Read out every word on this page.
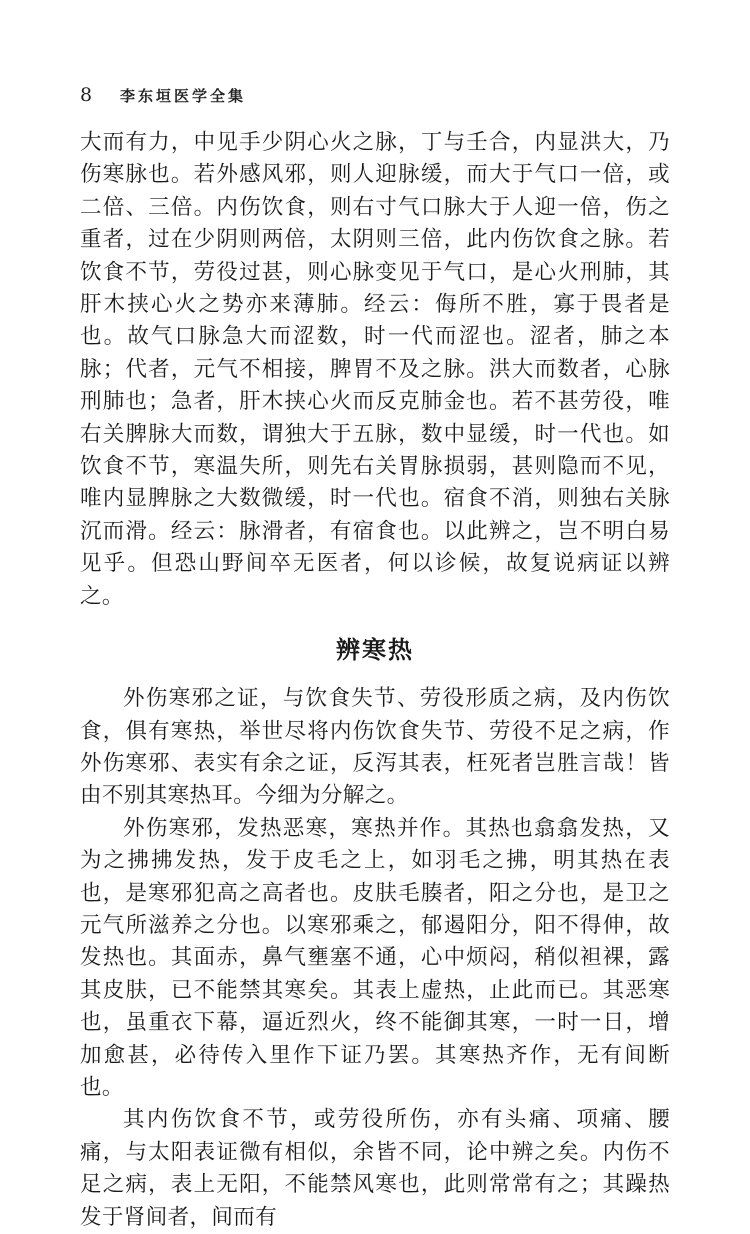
8	李东垣医学全集

大而有力，中见手少阴心火之脉，丁与壬合，内显洪大，乃伤寒脉也。若外感风邪，则人迎脉缓，而大于气口一倍，或二倍、三倍。内伤饮食，则右寸气口脉大于人迎一倍，伤之重者，过在少阴则两倍，太阴则三倍，此内伤饮食之脉。若饮食不节，劳役过甚，则心脉变见于气口，是心火刑肺，其肝木挟心火之势亦来薄肺。经云：侮所不胜，寡于畏者是也。故气口脉急大而涩数，时一代而涩也。涩者，肺之本脉；代者，元气不相接，脾胃不及之脉。洪大而数者，心脉刑肺也；急者，肝木挟心火而反克肺金也。若不甚劳役，唯右关脾脉大而数，谓独大于五脉，数中显缓，时一代也。如饮食不节，寒温失所，则先右关胃脉损弱，甚则隐而不见，唯内显脾脉之大数微缓，时一代也。宿食不消，则独右关脉沉而滑。经云：脉滑者，有宿食也。以此辨之，岂不明白易见乎。但恐山野间卒无医者，何以诊候，故复说病证以辨之。

辨寒热

外伤寒邪之证，与饮食失节、劳役形质之病，及内伤饮食，俱有寒热，举世尽将内伤饮食失节、劳役不足之病，作外伤寒邪、表实有余之证，反泻其表，枉死者岂胜言哉！皆由不别其寒热耳。今细为分解之。

外伤寒邪，发热恶寒，寒热并作。其热也翕翕发热，又为之拂拂发热，发于皮毛之上，如羽毛之拂，明其热在表也，是寒邪犯高之高者也。皮肤毛腠者，阳之分也，是卫之元气所滋养之分也。以寒邪乘之，郁遏阳分，阳不得伸，故发热也。其面赤，鼻气壅塞不通，心中烦闷，稍似袒裸，露其皮肤，已不能禁其寒矣。其表上虚热，止此而已。其恶寒也，虽重衣下幕，逼近烈火，终不能御其寒，一时一日，增加愈甚，必待传入里作下证乃罢。其寒热齐作，无有间断也。

其内伤饮食不节，或劳役所伤，亦有头痛、项痛、腰痛，与太阳表证微有相似，余皆不同，论中辨之矣。内伤不足之病，表上无阳，不能禁风寒也，此则常常有之；其躁热发于肾间者，间而有
